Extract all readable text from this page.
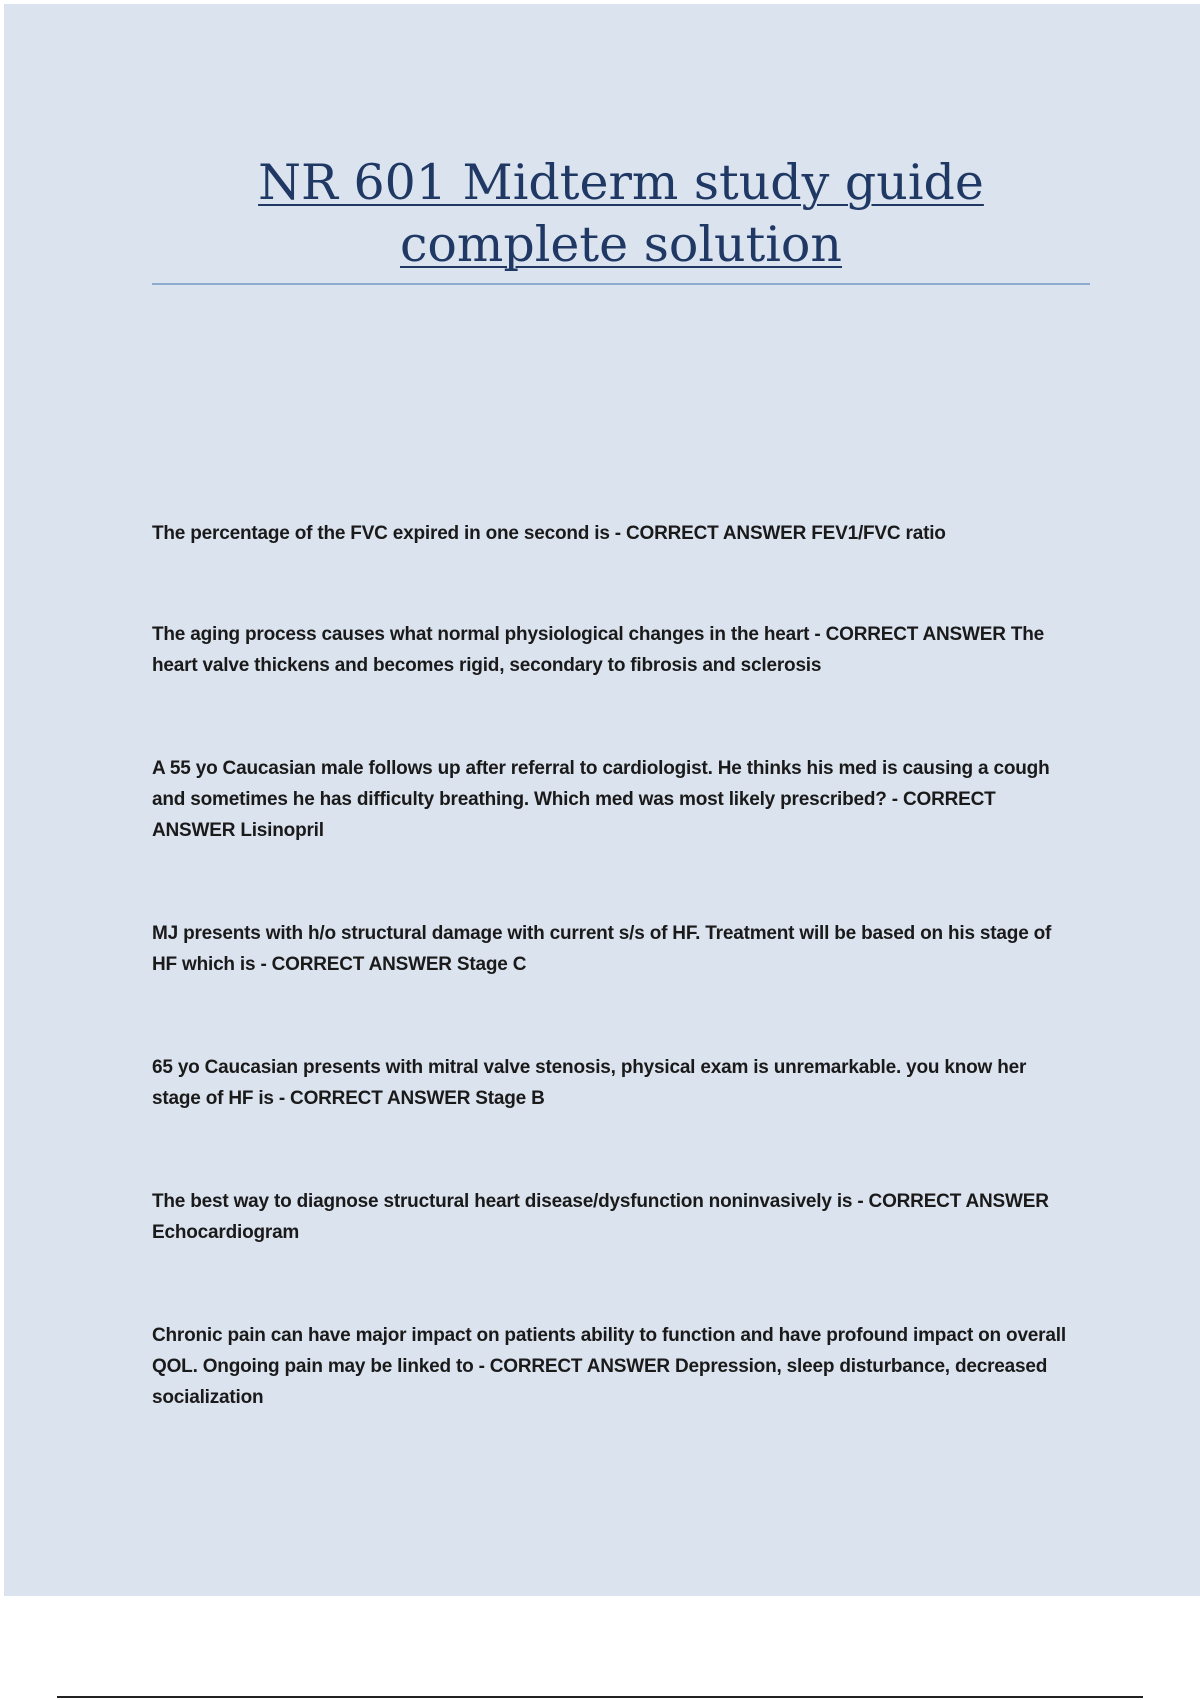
NR 601 Midterm study guide complete solution

The percentage of the FVC expired in one second is - CORRECT ANSWER FEV1/FVC ratio

The aging process causes what normal physiological changes in the heart - CORRECT ANSWER The heart valve thickens and becomes rigid, secondary to fibrosis and sclerosis

A 55 yo Caucasian male follows up after referral to cardiologist. He thinks his med is causing a cough and sometimes he has difficulty breathing. Which med was most likely prescribed? - CORRECT ANSWER Lisinopril

MJ presents with h/o structural damage with current s/s of HF. Treatment will be based on his stage of HF which is - CORRECT ANSWER Stage C

65 yo Caucasian presents with mitral valve stenosis, physical exam is unremarkable. you know her stage of HF is - CORRECT ANSWER Stage B

The best way to diagnose structural heart disease/dysfunction noninvasively is - CORRECT ANSWER Echocardiogram

Chronic pain can have major impact on patients ability to function and have profound impact on overall QOL. Ongoing pain may be linked to - CORRECT ANSWER Depression, sleep disturbance, decreased socialization
